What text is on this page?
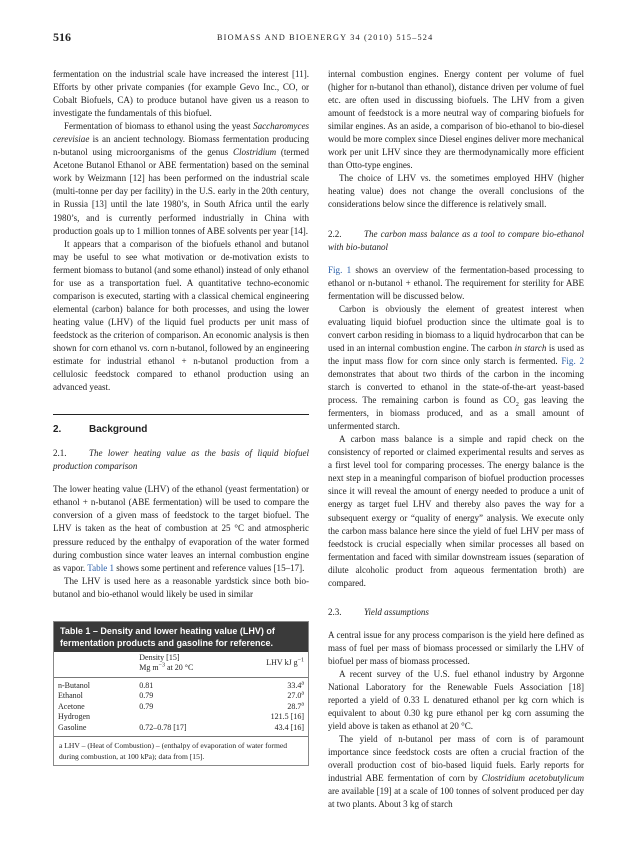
516	BIOMASS AND BIOENERGY 34 (2010) 515–524

fermentation on the industrial scale have increased the interest [11]. Efforts by other private companies (for example Gevo Inc., CO, or Cobalt Biofuels, CA) to produce butanol have given us a reason to investigate the fundamentals of this biofuel.

Fermentation of biomass to ethanol using the yeast Saccharomyces cerevisiae is an ancient technology. Biomass fermentation producing n-butanol using microorganisms of the genus Clostridium (termed Acetone Butanol Ethanol or ABE fermentation) based on the seminal work by Weizmann [12] has been performed on the industrial scale (multi-tonne per day per facility) in the U.S. early in the 20th century, in Russia [13] until the late 1980’s, in South Africa until the early 1980’s, and is currently performed industrially in China with production goals up to 1 million tonnes of ABE solvents per year [14].

It appears that a comparison of the biofuels ethanol and butanol may be useful to see what motivation or de-motivation exists to ferment biomass to butanol (and some ethanol) instead of only ethanol for use as a transportation fuel. A quantitative techno-economic comparison is executed, starting with a classical chemical engineering elemental (carbon) balance for both processes, and using the lower heating value (LHV) of the liquid fuel products per unit mass of feedstock as the criterion of comparison. An economic analysis is then shown for corn ethanol vs. corn n-butanol, followed by an engineering estimate for industrial ethanol + n-butanol production from a cellulosic feedstock compared to ethanol production using an advanced yeast.

2.	Background

2.1. The lower heating value as the basis of liquid biofuel production comparison

The lower heating value (LHV) of the ethanol (yeast fermentation) or ethanol + n-butanol (ABE fermentation) will be used to compare the conversion of a given mass of feedstock to the target biofuel. The LHV is taken as the heat of combustion at 25 °C and atmospheric pressure reduced by the enthalpy of evaporation of the water formed during combustion since water leaves an internal combustion engine as vapor. Table 1 shows some pertinent and reference values [15–17].

The LHV is used here as a reasonable yardstick since both bio-butanol and bio-ethanol would likely be used in similar

Table 1 – Density and lower heating value (LHV) of fermentation products and gasoline for reference.
	Density [15]
Mg $m^{-3}$ at 20 °C	LHV kJ $g^{-1}$

n-Butanol	0.81	33.4$^a$
Ethanol	0.79	27.0$^a$
Acetone	0.79	28.7$^a$
Hydrogen		121.5 [16]
Gasoline	0.72–0.78 [17]	43.4 [16]

a LHV – (Heat of Combustion) – (enthalpy of evaporation of water formed during combustion, at 100 kPa); data from [15].

internal combustion engines. Energy content per volume of fuel (higher for n-butanol than ethanol), distance driven per volume of fuel etc. are often used in discussing biofuels. The LHV from a given amount of feedstock is a more neutral way of comparing biofuels for similar engines. As an aside, a comparison of bio-ethanol to bio-diesel would be more complex since Diesel engines deliver more mechanical work per unit LHV since they are thermodynamically more efficient than Otto-type engines.

The choice of LHV vs. the sometimes employed HHV (higher heating value) does not change the overall conclusions of the considerations below since the difference is relatively small.

2.2. The carbon mass balance as a tool to compare bio-ethanol with bio-butanol

Fig. 1 shows an overview of the fermentation-based processing to ethanol or n-butanol + ethanol. The requirement for sterility for ABE fermentation will be discussed below.

Carbon is obviously the element of greatest interest when evaluating liquid biofuel production since the ultimate goal is to convert carbon residing in biomass to a liquid hydrocarbon that can be used in an internal combustion engine. The carbon in starch is used as the input mass flow for corn since only starch is fermented. Fig. 2 demonstrates that about two thirds of the carbon in the incoming starch is converted to ethanol in the state-of-the-art yeast-based process. The remaining carbon is found as $CO_2$ gas leaving the fermenters, in biomass produced, and as a small amount of unfermented starch.

A carbon mass balance is a simple and rapid check on the consistency of reported or claimed experimental results and serves as a first level tool for comparing processes. The energy balance is the next step in a meaningful comparison of biofuel production processes since it will reveal the amount of energy needed to produce a unit of energy as target fuel LHV and thereby also paves the way for a subsequent exergy or “quality of energy” analysis. We execute only the carbon mass balance here since the yield of fuel LHV per mass of feedstock is crucial especially when similar processes all based on fermentation and faced with similar downstream issues (separation of dilute alcoholic product from aqueous fermentation broth) are compared.

2.3. Yield assumptions

A central issue for any process comparison is the yield here defined as mass of fuel per mass of biomass processed or similarly the LHV of biofuel per mass of biomass processed.

A recent survey of the U.S. fuel ethanol industry by Argonne National Laboratory for the Renewable Fuels Association [18] reported a yield of 0.33 L denatured ethanol per kg corn which is equivalent to about 0.30 kg pure ethanol per kg corn assuming the yield above is taken as ethanol at 20 °C.

The yield of n-butanol per mass of corn is of paramount importance since feedstock costs are often a crucial fraction of the overall production cost of bio-based liquid fuels. Early reports for industrial ABE fermentation of corn by Clostridium acetobutylicum are available [19] at a scale of 100 tonnes of solvent produced per day at two plants. About 3 kg of starch
